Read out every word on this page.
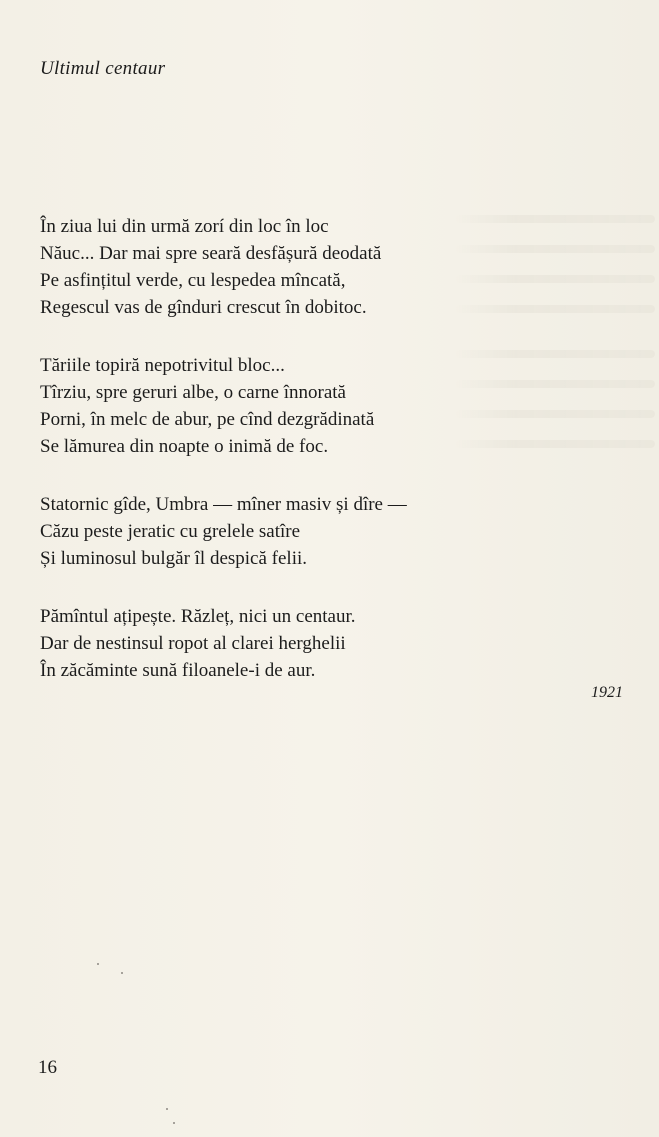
Ultimul centaur
În ziua lui din urmă zorí din loc în loc
Năuc... Dar mai spre seară desfășură deodată
Pe asfințitul verde, cu lespedea mîncată,
Regescul vas de gînduri crescut în dobitoc.
Tăriile topiră nepotrivitul bloc...
Tîrziu, spre geruri albe, o carne înnorată
Porni, în melc de abur, pe cînd dezgrădinată
Se lămurea din noapte o inimă de foc.
Statornic gîde, Umbra — mîner masiv și dîre —
Căzu peste jeratic cu grelele satîre
Și luminosul bulgăr îl despică felii.
Pămîntul ațipește. Răzleț, nici un centaur.
Dar de nestinsul ropot al clarei herghelii
În zăcăminte sună filoanele-i de aur.
1921
16
